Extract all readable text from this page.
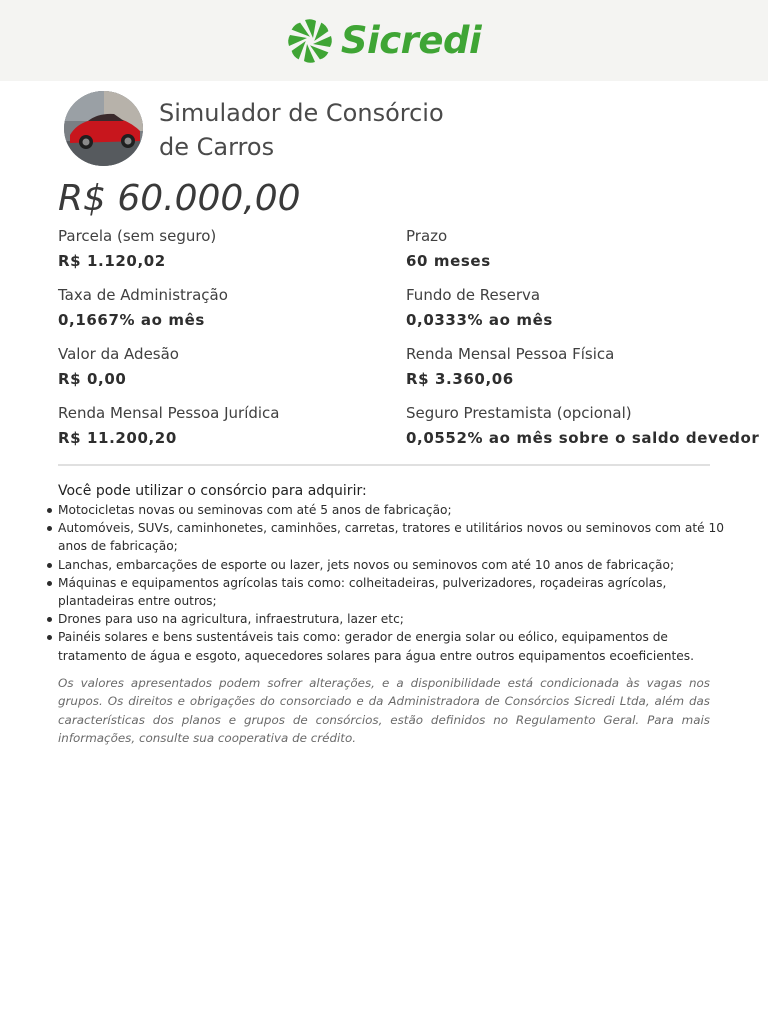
Sicredi
Simulador de Consórcio
de Carros

R$ 60.000,00

Parcela (sem seguro)
R$ 1.120,02
Prazo
60 meses
Taxa de Administração
0,1667% ao mês
Fundo de Reserva
0,0333% ao mês
Valor da Adesão
R$ 0,00
Renda Mensal Pessoa Física
R$ 3.360,06
Renda Mensal Pessoa Jurídica
R$ 11.200,20
Seguro Prestamista (opcional)
0,0552% ao mês sobre o saldo devedor

Você pode utilizar o consórcio para adquirir:

Motocicletas novas ou seminovas com até 5 anos de fabricação;
Automóveis, SUVs, caminhonetes, caminhões, carretas, tratores e utilitários novos ou seminovos com até 10 anos de fabricação;
Lanchas, embarcações de esporte ou lazer, jets novos ou seminovos com até 10 anos de fabricação;
Máquinas e equipamentos agrícolas tais como: colheitadeiras, pulverizadores, roçadeiras agrícolas, plantadeiras entre outros;
Drones para uso na agricultura, infraestrutura, lazer etc;
Painéis solares e bens sustentáveis tais como: gerador de energia solar ou eólico, equipamentos de tratamento de água e esgoto, aquecedores solares para água entre outros equipamentos ecoeficientes.

Os valores apresentados podem sofrer alterações, e a disponibilidade está condicionada às vagas nos grupos. Os direitos e obrigações do consorciado e da Administradora de Consórcios Sicredi Ltda, além das características dos planos e grupos de consórcios, estão definidos no Regulamento Geral. Para mais informações, consulte sua cooperativa de crédito.
